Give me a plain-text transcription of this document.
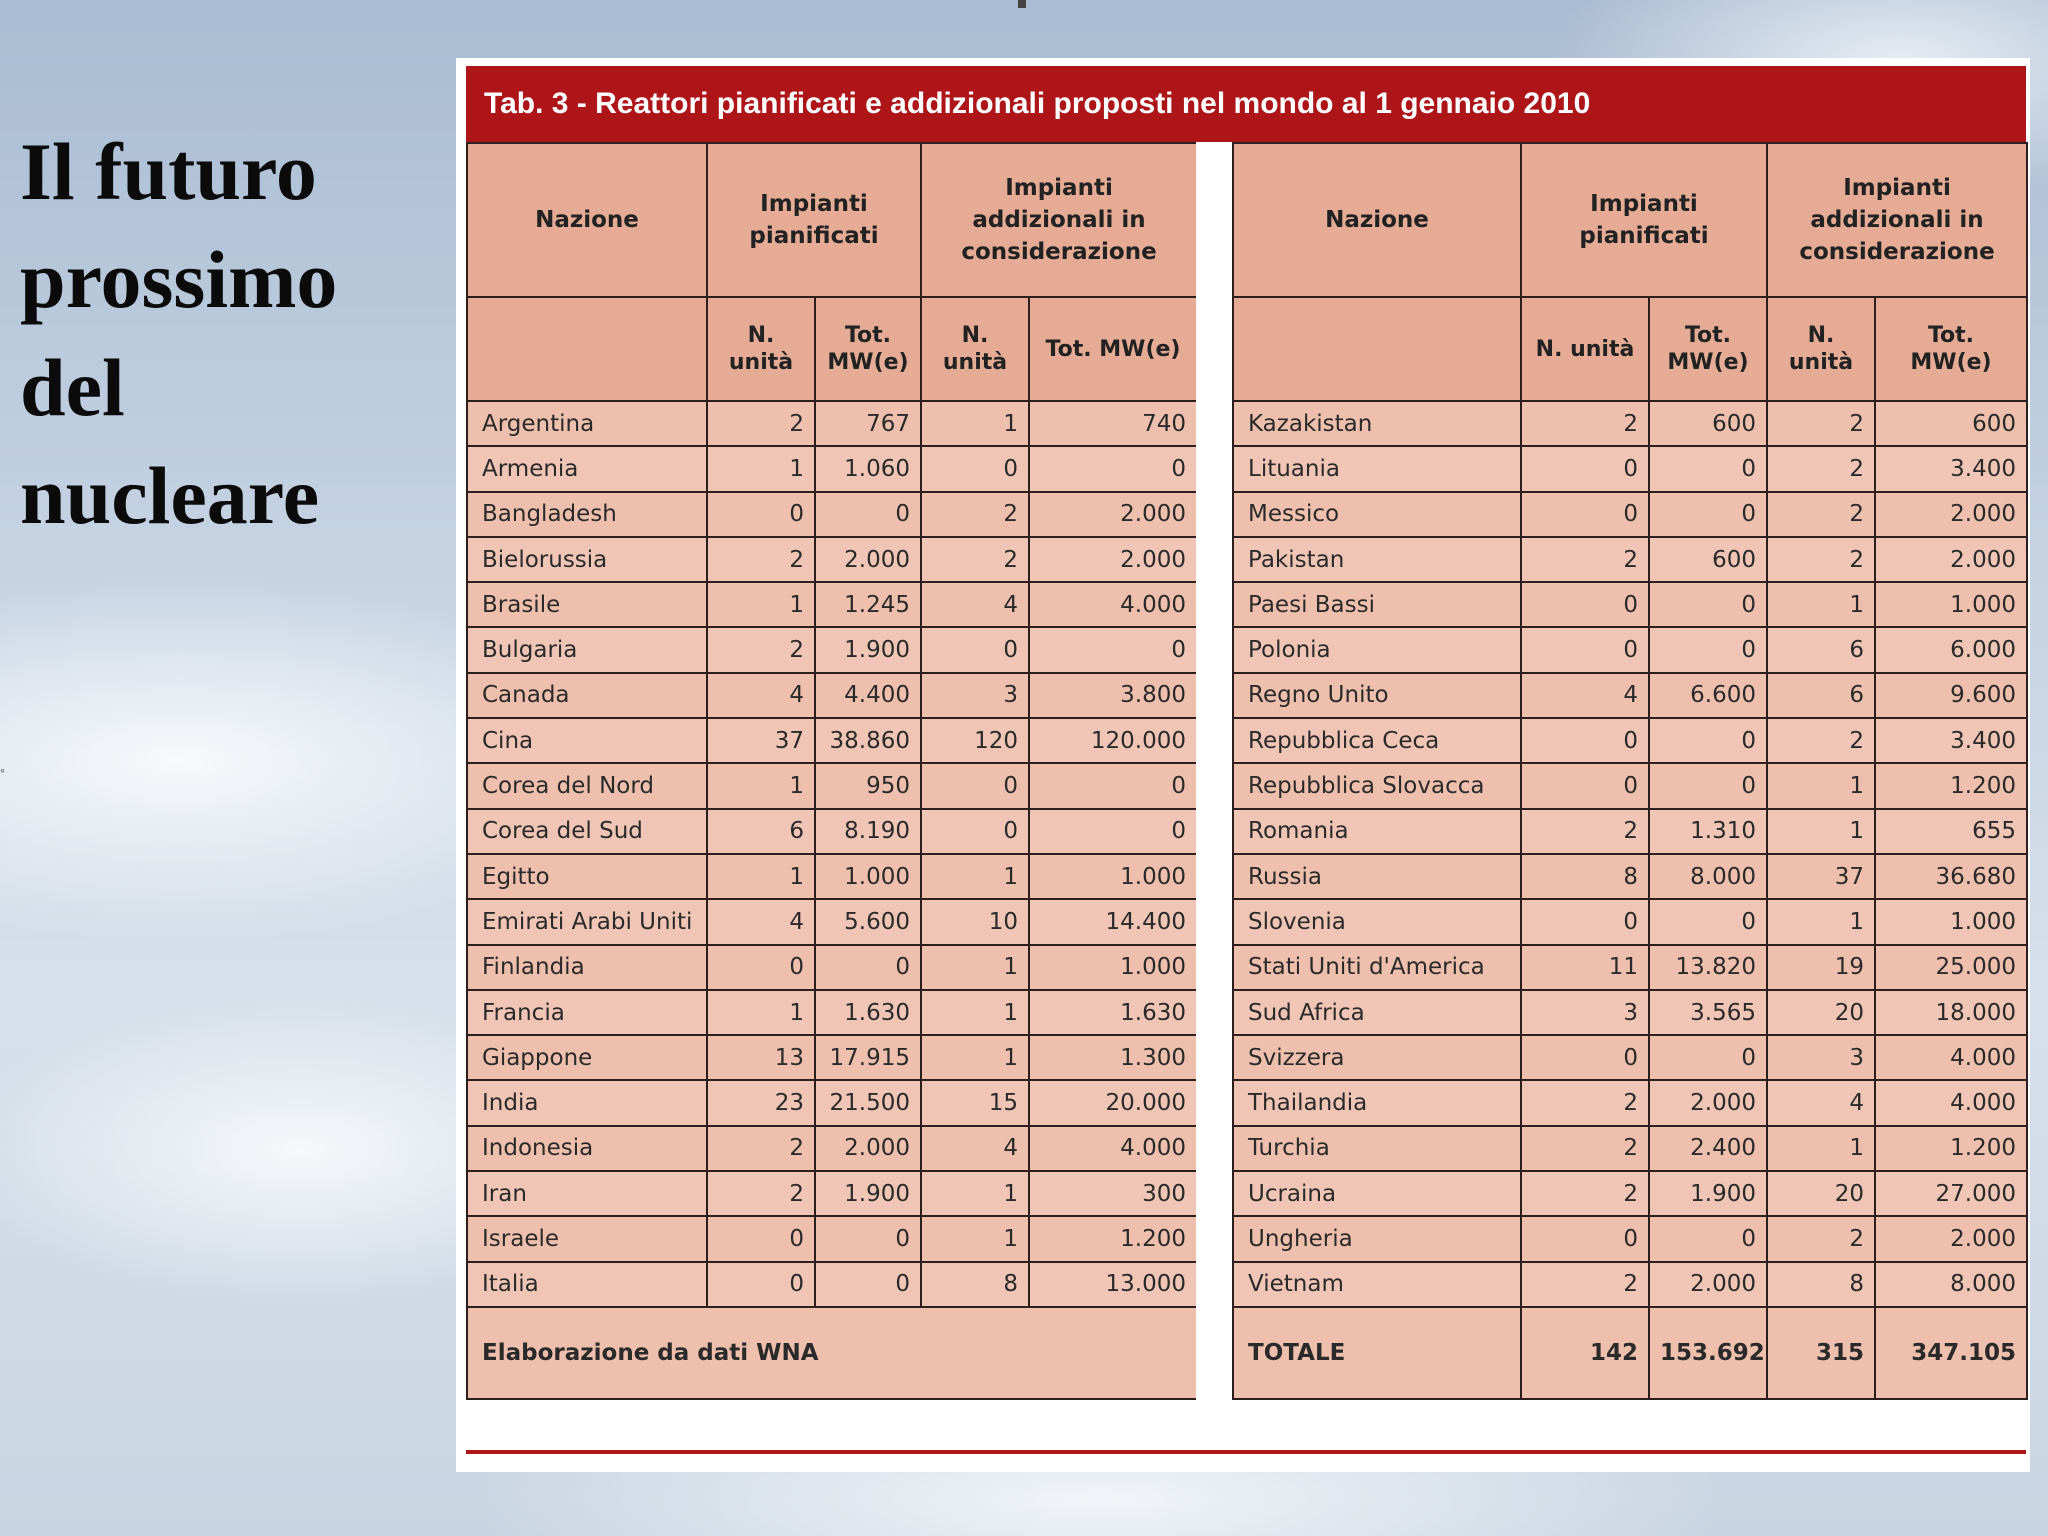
Il futuro
prossimo
del
nucleare
◦
Tab. 3 - Reattori pianificati e addizionali proposti nel mondo al 1 gennaio 2010
Nazione	Impianti pianificati		Impianti addizionali in considerazione	
	N. unità	Tot. MW(e)	N. unità	Tot. MW(e)
Argentina	2	767	1	740
Armenia	1	1.060	0	0
Bangladesh	0	0	2	2.000
Bielorussia	2	2.000	2	2.000
Brasile	1	1.245	4	4.000
Bulgaria	2	1.900	0	0
Canada	4	4.400	3	3.800
Cina	37	38.860	120	120.000
Corea del Nord	1	950	0	0
Corea del Sud	6	8.190	0	0
Egitto	1	1.000	1	1.000
Emirati Arabi Uniti	4	5.600	10	14.400
Finlandia	0	0	1	1.000
Francia	1	1.630	1	1.630
Giappone	13	17.915	1	1.300
India	23	21.500	15	20.000
Indonesia	2	2.000	4	4.000
Iran	2	1.900	1	300
Israele	0	0	1	1.200
Italia	0	0	8	13.000
Elaborazione da dati WNA				
Nazione	Impianti pianificati		Impianti addizionali in considerazione	
	N. unità	Tot. MW(e)	N. unità	Tot. MW(e)
Kazakistan	2	600	2	600
Lituania	0	0	2	3.400
Messico	0	0	2	2.000
Pakistan	2	600	2	2.000
Paesi Bassi	0	0	1	1.000
Polonia	0	0	6	6.000
Regno Unito	4	6.600	6	9.600
Repubblica Ceca	0	0	2	3.400
Repubblica Slovacca	0	0	1	1.200
Romania	2	1.310	1	655
Russia	8	8.000	37	36.680
Slovenia	0	0	1	1.000
Stati Uniti d'America	11	13.820	19	25.000
Sud Africa	3	3.565	20	18.000
Svizzera	0	0	3	4.000
Thailandia	2	2.000	4	4.000
Turchia	2	2.400	1	1.200
Ucraina	2	1.900	20	27.000
Ungheria	0	0	2	2.000
Vietnam	2	2.000	8	8.000
TOTALE	142	153.692	315	347.105
